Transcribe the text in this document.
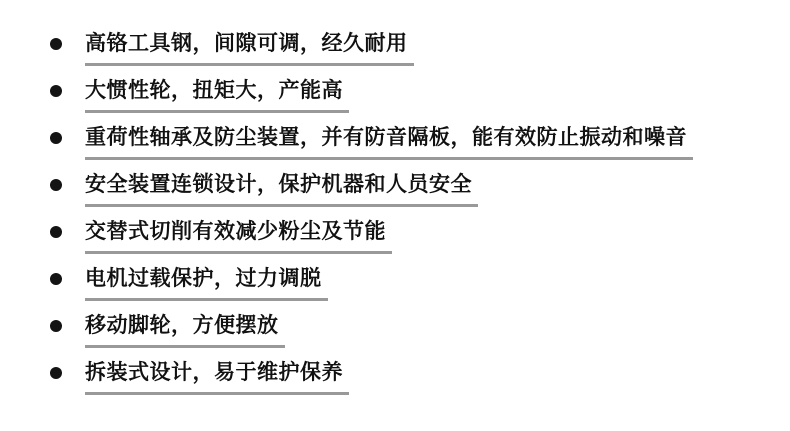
高铬工具钢，间隙可调，经久耐用
大惯性轮，扭矩大，产能高
重荷性轴承及防尘装置，并有防音隔板，能有效防止振动和噪音
安全装置连锁设计，保护机器和人员安全
交替式切削有效减少粉尘及节能
电机过载保护，过力调脱
移动脚轮，方便摆放
拆装式设计，易于维护保养
